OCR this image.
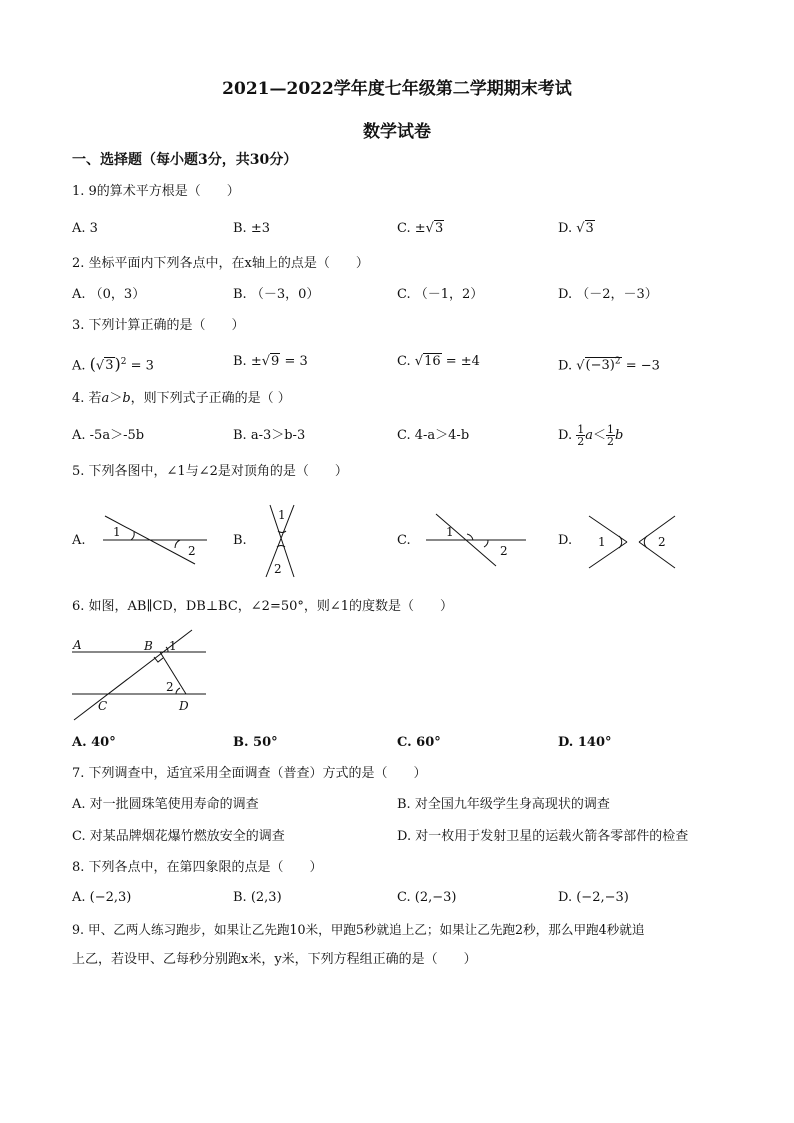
2021—2022学年度七年级第二学期期末考试
数学试卷
一、选择题（每小题3分，共30分）
1. 9的算术平方根是（　　）
A. 3	B. ±3	C. ±√3	D. √3
2. 坐标平面内下列各点中，在x轴上的点是（　　）
A. （0，3）	B. （－3，0）	C. （－1，2）	D. （－2，－3）
3. 下列计算正确的是（　　）
A. $(√3)^2 = 3$	B. ±√9 = 3	C. √16 = ±4	D. $√(-3)^2 = -3$
4. 若a＞b，则下列式子正确的是（ ）
A. -5a＞-5b	B. a-3＞b-3	C. 4-a＞4-b	D. $\frac{1}{2} a< \frac{1}{2}$ b
5. 下列各图中，∠1与∠2是对顶角的是（　　）
A.	B.	C.	D.
1
2
1
2
1
2
1	2
6. 如图，AB∥CD，DB⊥BC，∠2=50°，则∠1的度数是（　　）
A	B 1
2
C	D
A. 40°	B. 50°	C. 60°	D. 140°
7. 下列调查中，适宜采用全面调查（普查）方式的是（　　）
A. 对一批圆珠笔使用寿命的调查	B. 对全国九年级学生身高现状的调查
C. 对某品牌烟花爆竹燃放安全的调查	D. 对一枚用于发射卫星的运载火箭各零部件的检查
8. 下列各点中，在第四象限的点是（　　）
A. (−2,3)	B. (2,3)	C. (2,−3)	D. (−2,−3)
9. 甲、乙两人练习跑步，如果让乙先跑10米，甲跑5秒就追上乙；如果让乙先跑2秒，那么甲跑4秒就追
上乙，若设甲、乙每秒分别跑x米，y米，下列方程组正确的是（　　）
